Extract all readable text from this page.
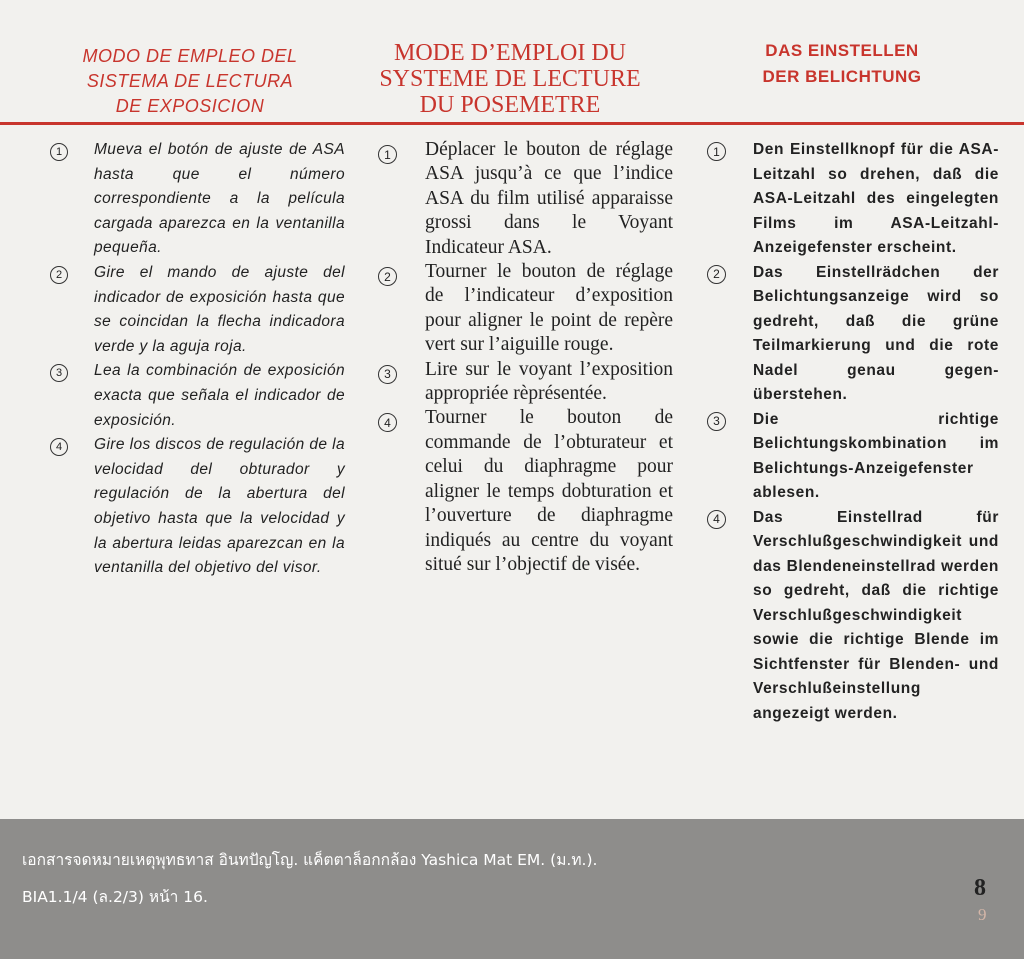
MODO DE EMPLEO DEL
SISTEMA DE LECTURA
DE EXPOSICION
MODE D’EMPLOI DU
SYSTEME DE LECTURE
DU POSEMETRE
DAS EINSTELLEN
DER BELICHTUNG
1	Mueva el botón de ajuste de ASA hasta que el número correspondiente a la película cargada aparezca en la ventanilla pequeña.
2	Gire el mando de ajuste del indicador de exposición hasta que se coincidan la flecha indicadora verde y la aguja roja.
3	Lea la combinación de exposición exacta que señala el indicador de exposición.
4	Gire los discos de regulación de la velocidad del obturador y regulación de la abertura del objetivo hasta que la velocidad y la abertura leidas aparezcan en la ventanilla del objetivo del visor.
1	Déplacer le bouton de réglage ASA jusqu’à ce que l’indice ASA du film utilisé apparaisse grossi dans le Voyant Indicateur ASA.
2	Tourner le bouton de réglage de l’indicateur d’exposition pour aligner le point de repère vert sur l’aiguille rouge.
3	Lire sur le voyant l’exposition appropriée rèprésentée.
4	Tourner le bouton de commande de l’obturateur et celui du diaphragme pour aligner le temps dobturation et l’ouverture de diaphragme indiqués au centre du voyant situé sur l’objectif de visée.
1	Den Einstellknopf für die ASA-Leitzahl so drehen, daß die ASA-Leitzahl des eingelegten Films im ASA-Leitzahl-Anzeigefenster erscheint.
2	Das Einstellrädchen der Belichtungsanzeige wird so gedreht, daß die grüne Teilmarkierung und die rote Nadel genau gegen-überstehen.
3	Die richtige Belichtungskombination im Belichtungs-Anzeigefenster ablesen.
4	Das Einstellrad für Verschlußgeschwindigkeit und das Blendeneinstellrad werden so gedreht, daß die richtige Verschlußgeschwindigkeit sowie die richtige Blende im Sichtfenster für Blenden- und Verschlußeinstellung angezeigt werden.

เอกสารจดหมายเหตุพุทธทาส อินทปัญโญ. แค็ตตาล็อกกล้อง Yashica Mat EM. (ม.ท.).

BIA1.1/4 (ล.2/3) หน้า 16.	8
9
